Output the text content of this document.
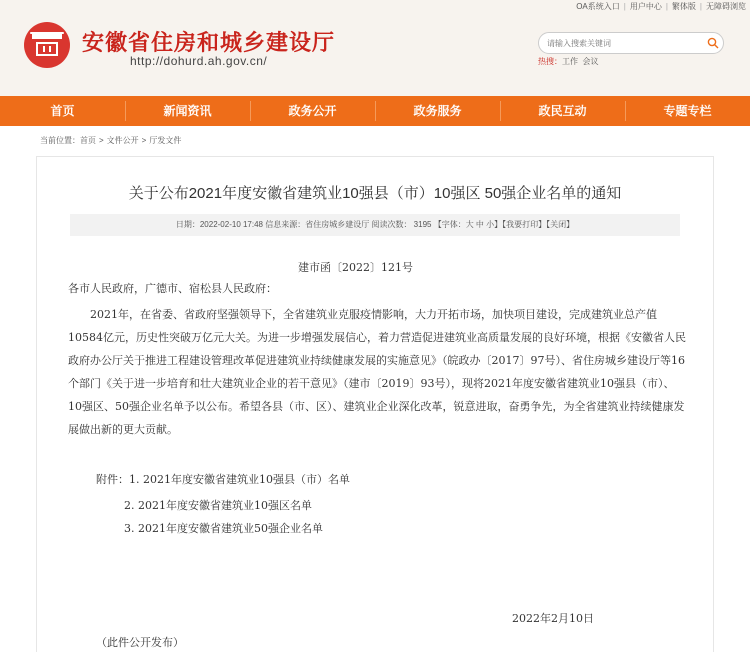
OA系统入口 | 用户中心 | 繁体版 | 无障碍浏览
安徽省住房和城乡建设厅
http://dohurd.ah.gov.cn/
请输入搜索关键词	热搜：工作 会议
首页	新闻资讯	政务公开	政务服务	政民互动	专题专栏
当前位置：首页 > 文件公开 > 厅发文件
关于公布2021年度安徽省建筑业10强县（市）10强区 50强企业名单的通知
日期：2022-02-10 17:48 信息来源：省住房城乡建设厅 阅读次数： 3195 【字体：大 中 小】【我要打印】【关闭】
建市函〔2022〕121号
各市人民政府，广德市、宿松县人民政府：
2021年，在省委、省政府坚强领导下，全省建筑业克服疫情影响，大力开拓市场，加快项目建设，完成建筑业总产值10584亿元，历史性突破万亿元大关。为进一步增强发展信心，着力营造促进建筑业高质量发展的良好环境，根据《安徽省人民政府办公厅关于推进工程建设管理改革促进建筑业持续健康发展的实施意见》（皖政办〔2017〕97号）、省住房城乡建设厅等16个部门《关于进一步培育和壮大建筑业企业的若干意见》（建市〔2019〕93号），现将2021年度安徽省建筑业10强县（市）、10强区、50强企业名单予以公布。希望各县（市、区）、建筑业企业深化改革，锐意进取，奋勇争先，为全省建筑业持续健康发展做出新的更大贡献。
附件：1. 2021年度安徽省建筑业10强县（市）名单
2. 2021年度安徽省建筑业10强区名单
3. 2021年度安徽省建筑业50强企业名单
2022年2月10日
（此件公开发布）
